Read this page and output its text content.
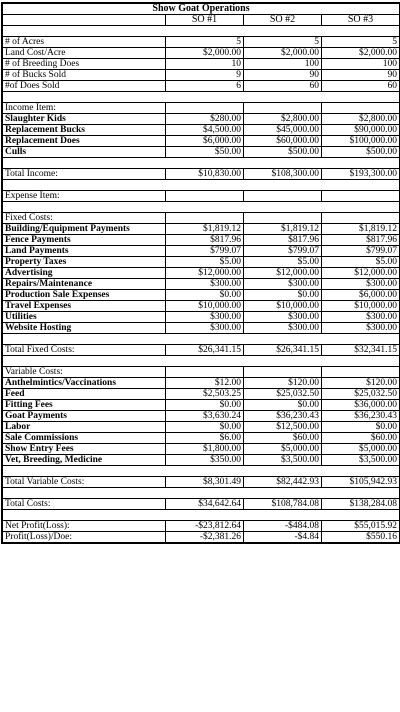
Show Goat Operations			
	SO #1	SO #2	SO #3

# of Acres	5	5	5
Land Cost/Acre	$2,000.00	$2,000.00	$2,000.00
# of Breeding Does	10	100	100
# of Bucks Sold	9	90	90
#of Does Sold	6	60	60

Income Item:			
Slaughter Kids	$280.00	$2,800.00	$2,800.00
Replacement Bucks	$4,500.00	$45,000.00	$90,000.00
Replacement Does	$6,000.00	$60,000.00	$100,000.00
Culls	$50.00	$500.00	$500.00

Total Income:	$10,830.00	$108,300.00	$193,300.00

Expense Item:			

Fixed Costs:			
Building/Equipment Payments	$1,819.12	$1,819.12	$1,819.12
Fence Payments	$817.96	$817.96	$817.96
Land Payments	$799.07	$799.07	$799.07
Property Taxes	$5.00	$5.00	$5.00
Advertising	$12,000.00	$12,000.00	$12,000.00
Repairs/Maintenance	$300.00	$300.00	$300.00
Production Sale Expenses	$0.00	$0.00	$6,000.00
Travel Expenses	$10,000.00	$10,000.00	$10,000.00
Utilities	$300.00	$300.00	$300.00
Website Hosting	$300.00	$300.00	$300.00

Total Fixed Costs:	$26,341.15	$26,341.15	$32,341.15

Variable Costs:			
Anthelmintics/Vaccinations	$12.00	$120.00	$120.00
Feed	$2,503.25	$25,032.50	$25,032.50
Fitting Fees	$0.00	$0.00	$36,000.00
Goat Payments	$3,630.24	$36,230.43	$36,230.43
Labor	$0.00	$12,500.00	$0.00
Sale Commissions	$6.00	$60.00	$60.00
Show Entry Fees	$1,800.00	$5,000.00	$5,000.00
Vet, Breeding, Medicine	$350.00	$3,500.00	$3,500.00

Total Variable Costs:	$8,301.49	$82,442.93	$105,942.93

Total Costs:	$34,642.64	$108,784.08	$138,284.08

Net Profit(Loss):	-$23,812.64	-$484.08	$55,015.92
Profit(Loss)/Doe:	-$2,381.26	-$4.84	$550.16
